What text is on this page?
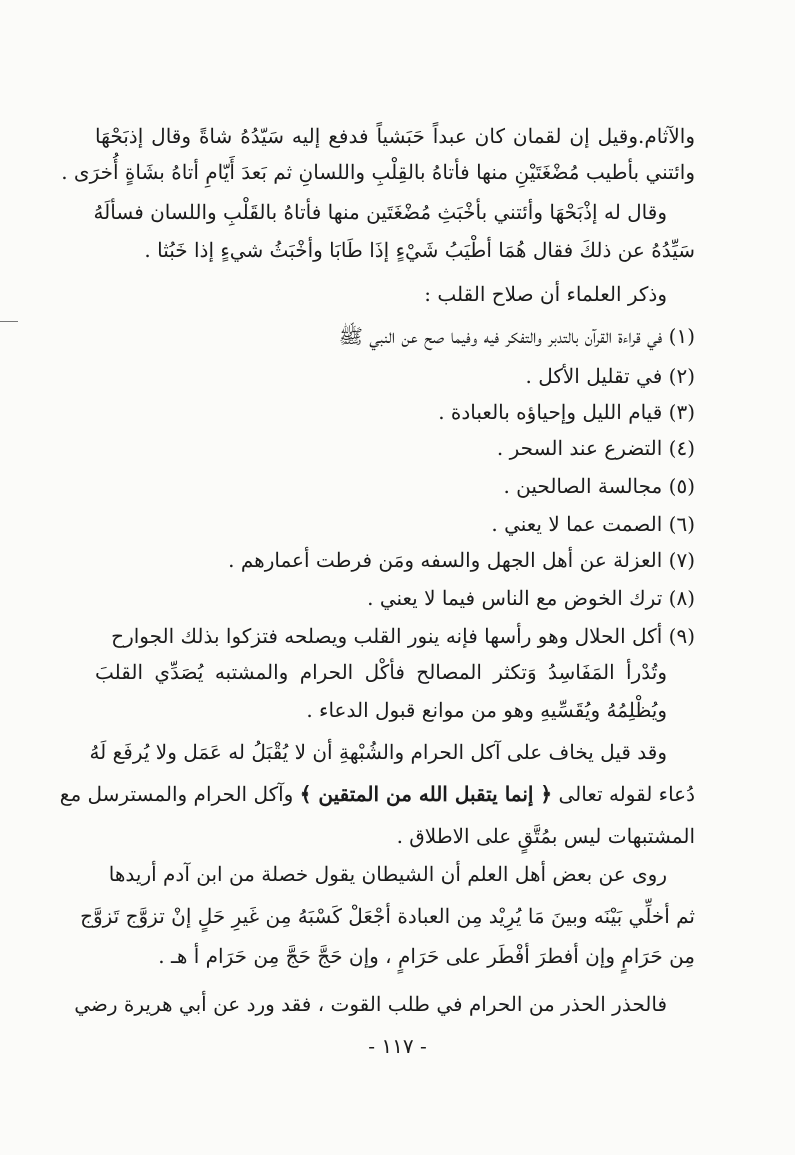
والآثام.وقيل إن لقمان كان عبداً حَبَشياً فدفع إليه سَيّدُهُ شاةً وقال إذبَحْهَا
وائتني بأطيب مُضْغَتَيْنِ منها فأتاهُ بالقِلْبِ واللسانِ ثم بَعدَ أَيّامِ أتاهُ بشَاةٍ أُخرَى .
وقال له إذْبَحْهَا وأئتني بأخْبَثِ مُضْغَتَين منها فأتاهُ بالقَلْبِ واللسان فسألَهُ
سَيِّدُهُ عن ذلكَ فقال هُمَا أطْيَبُ شَيْءٍ إذَا طَابَا وأخْبَثُ شيءٍ إذا خَبُثا .
وذكر العلماء أن صلاح القلب :
(١) في قراءة القرآن بالتدبر والتفكر فيه وفيما صح عن النبي ﷺ
(٢) في تقليل الأكل .
(٣) قيام الليل وإحياؤه بالعبادة .
(٤) التضرع عند السحر .
(٥) مجالسة الصالحين .
(٦) الصمت عما لا يعني .
(٧) العزلة عن أهل الجهل والسفه ومَن فرطت أعمارهم .
(٨) ترك الخوض مع الناس فيما لا يعني .
(٩) أكل الحلال وهو رأسها فإنه ينور القلب ويصلحه فتزكوا بذلك الجوارح
وتُدْرأ المَفَاسِدُ وَتكثر المصالح فأكْل الحرام والمشتبه يُصَدِّي القلبَ
ويُظْلِمُهُ ويُقَسِّيهِ وهو من موانع قبول الدعاء .
وقد قيل يخاف على آكل الحرام والشُبْهةِ أن لا يُقْبَلُ له عَمَل ولا يُرفَع لَهُ
دُعاء لقوله تعالى ﴿ إنما يتقبل الله من المتقين ﴾ وآكل الحرام والمسترسل مع
المشتبهات ليس بمُتَّقٍ على الاطلاق .
روى عن بعض أهل العلم أن الشيطان يقول خصلة من ابن آدم أريدها
ثم أخلِّي بَيْنَه وبينَ مَا يُرِيْد مِن العبادة أجْعَلْ كَسْبَهُ مِن غَيرِ حَلٍ إنْ تزوَّج تَزوَّج
مِن حَرَامٍ وإن أفطرَ أفْطَر على حَرَامٍ ، وإن حَجَّ حَجَّ مِن حَرَام أ هـ .
فالحذر الحذر من الحرام في طلب القوت ، فقد ورد عن أبي هريرة رضي
- ١١٧ -
